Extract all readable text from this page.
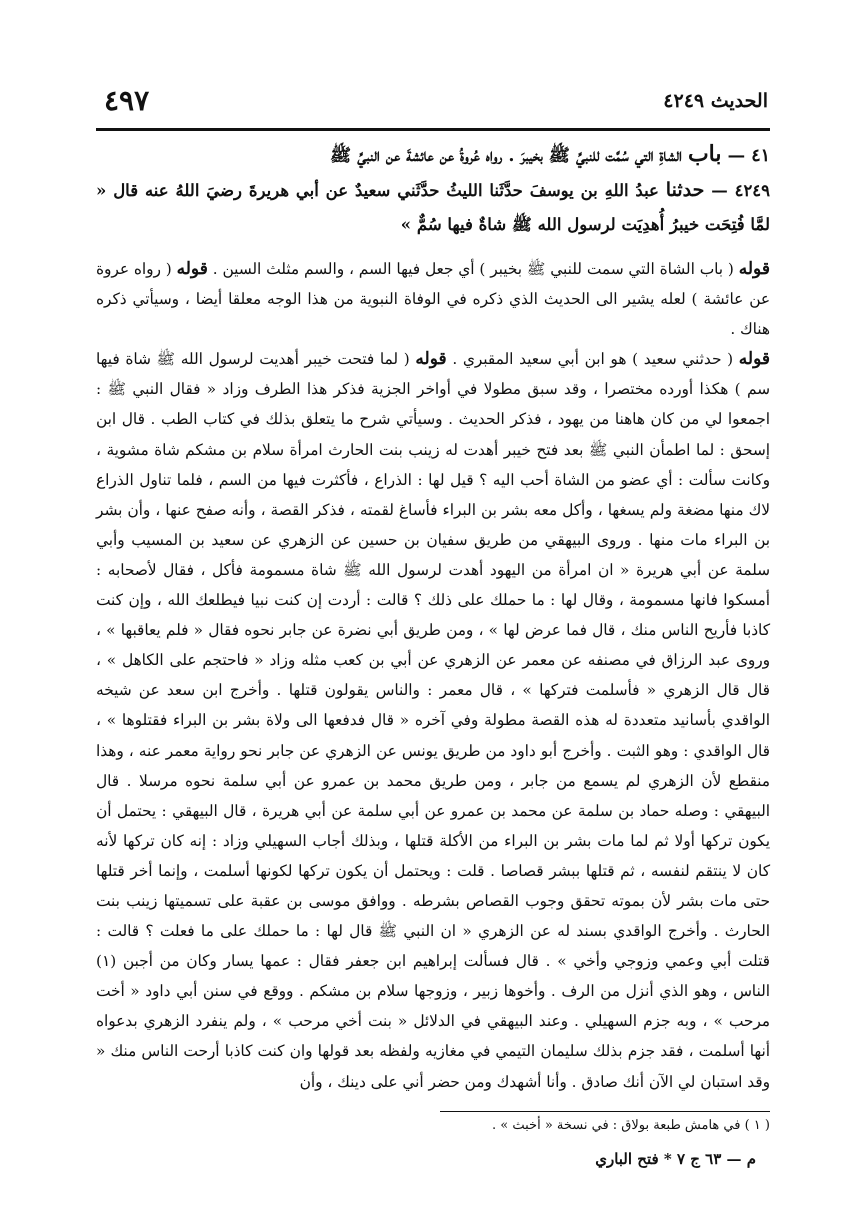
الحديث ٤٢٤٩
٤٩٧
٤١ — باب الشاةِ التي سُمَّت للنبيِّ ﷺ بخيبرَ . رواه عُروةُ عن عائشةَ عن النبيِّ ﷺ
٤٢٤٩ — حدثنا عبدُ اللهِ بن يوسفَ حدَّثَنا الليثُ حدَّثَني سعيدٌ عن أبي هريرةَ رضيَ اللهُ عنه قال « لمَّا فُتِحَت خيبرُ أُهدِيَت لرسول الله ﷺ شاةٌ فيها سُمٌّ »

قوله ( باب الشاة التي سمت للنبي ﷺ بخيبر ) أي جعل فيها السم ، والسم مثلث السين . قوله ( رواه عروة عن عائشة ) لعله يشير الى الحديث الذي ذكره في الوفاة النبوية من هذا الوجه معلقا أيضا ، وسيأتي ذكره هناك .

قوله ( حدثني سعيد ) هو ابن أبي سعيد المقبري . قوله ( لما فتحت خيبر أهديت لرسول الله ﷺ شاة فيها سم ) هكذا أورده مختصرا ، وقد سبق مطولا في أواخر الجزية فذكر هذا الطرف وزاد « فقال النبي ﷺ : اجمعوا لي من كان هاهنا من يهود ، فذكر الحديث . وسيأتي شرح ما يتعلق بذلك في كتاب الطب . قال ابن إسحق : لما اطمأن النبي ﷺ بعد فتح خيبر أهدت له زينب بنت الحارث امرأة سلام بن مشكم شاة مشوية ، وكانت سألت : أي عضو من الشاة أحب اليه ؟ قيل لها : الذراع ، فأكثرت فيها من السم ، فلما تناول الذراع لاك منها مضغة ولم يسغها ، وأكل معه بشر بن البراء فأساغ لقمته ، فذكر القصة ، وأنه صفح عنها ، وأن بشر بن البراء مات منها . وروى البيهقي من طريق سفيان بن حسين عن الزهري عن سعيد بن المسيب وأبي سلمة عن أبي هريرة « ان امرأة من اليهود أهدت لرسول الله ﷺ شاة مسمومة فأكل ، فقال لأصحابه : أمسكوا فانها مسمومة ، وقال لها : ما حملك على ذلك ؟ قالت : أردت إن كنت نبيا فيطلعك الله ، وإن كنت كاذبا فأريح الناس منك ، قال فما عرض لها » ، ومن طريق أبي نضرة عن جابر نحوه فقال « فلم يعاقبها » ، وروى عبد الرزاق في مصنفه عن معمر عن الزهري عن أبي بن كعب مثله وزاد « فاحتجم على الكاهل » ، قال قال الزهري « فأسلمت فتركها » ، قال معمر : والناس يقولون قتلها . وأخرج ابن سعد عن شيخه الواقدي بأسانيد متعددة له هذه القصة مطولة وفي آخره « قال فدفعها الى ولاة بشر بن البراء فقتلوها » ، قال الواقدي : وهو الثبت . وأخرج أبو داود من طريق يونس عن الزهري عن جابر نحو رواية معمر عنه ، وهذا منقطع لأن الزهري لم يسمع من جابر ، ومن طريق محمد بن عمرو عن أبي سلمة نحوه مرسلا . قال البيهقي : وصله حماد بن سلمة عن محمد بن عمرو عن أبي سلمة عن أبي هريرة ، قال البيهقي : يحتمل أن يكون تركها أولا ثم لما مات بشر بن البراء من الأكلة قتلها ، وبذلك أجاب السهيلي وزاد : إنه كان تركها لأنه كان لا ينتقم لنفسه ، ثم قتلها ببشر قصاصا . قلت : ويحتمل أن يكون تركها لكونها أسلمت ، وإنما أخر قتلها حتى مات بشر لأن بموته تحقق وجوب القصاص بشرطه . ووافق موسى بن عقبة على تسميتها زينب بنت الحارث . وأخرج الواقدي بسند له عن الزهري « ان النبي ﷺ قال لها : ما حملك على ما فعلت ؟ قالت : قتلت أبي وعمي وزوجي وأخي » . قال فسألت إبراهيم ابن جعفر فقال : عمها يسار وكان من أجبن (١) الناس ، وهو الذي أنزل من الرف . وأخوها زبير ، وزوجها سلام بن مشكم . ووقع في سنن أبي داود « أخت مرحب » ، وبه جزم السهيلي . وعند البيهقي في الدلائل « بنت أخي مرحب » ، ولم ينفرد الزهري بدعواه أنها أسلمت ، فقد جزم بذلك سليمان التيمي في مغازيه ولفظه بعد قولها وان كنت كاذبا أرحت الناس منك « وقد استبان لي الآن أنك صادق . وأنا أشهدك ومن حضر أني على دينك ، وأن

( ١ ) في هامش طبعة بولاق : في نسخة « أخبث » .
م — ٦٣ ج ٧ * فتح الباري
